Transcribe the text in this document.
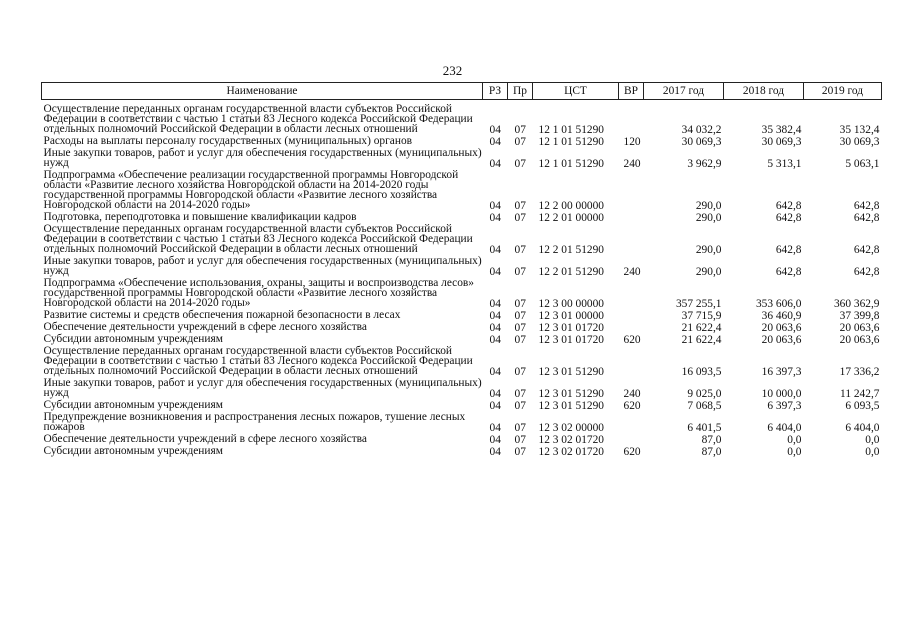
232
Наименование	РЗ	Пр	ЦСТ	ВР	2017 год	2018 год	2019 год
Осуществление переданных органам государственной власти субъектов Российской Федерации в соответствии с частью 1 статьи 83 Лесного кодекса Российской Федерации отдельных полномочий Российской Федерации в области лесных отношений	04	07	12 1 01 51290		34 032,2	35 382,4	35 132,4
Расходы на выплаты персоналу государственных (муниципальных) органов	04	07	12 1 01 51290	120	30 069,3	30 069,3	30 069,3
Иные закупки товаров, работ и услуг для обеспечения государственных (муниципальных) нужд	04	07	12 1 01 51290	240	3 962,9	5 313,1	5 063,1
Подпрограмма «Обеспечение реализации государственной программы Новгородской области «Развитие лесного хозяйства Новгородской области на 2014-2020 годы государственной программы Новгородской области «Развитие лесного хозяйства Новгородской области на 2014-2020 годы»	04	07	12 2 00 00000		290,0	642,8	642,8
Подготовка, переподготовка и повышение квалификации кадров	04	07	12 2 01 00000		290,0	642,8	642,8
Осуществление переданных органам государственной власти субъектов Российской Федерации в соответствии с частью 1 статьи 83 Лесного кодекса Российской Федерации отдельных полномочий Российской Федерации в области лесных отношений	04	07	12 2 01 51290		290,0	642,8	642,8
Иные закупки товаров, работ и услуг для обеспечения государственных (муниципальных) нужд	04	07	12 2 01 51290	240	290,0	642,8	642,8
Подпрограмма «Обеспечение использования, охраны, защиты и воспроизводства лесов» государственной программы Новгородской области «Развитие лесного хозяйства Новгородской области на 2014-2020 годы»	04	07	12 3 00 00000		357 255,1	353 606,0	360 362,9
Развитие системы и средств обеспечения пожарной безопасности в лесах	04	07	12 3 01 00000		37 715,9	36 460,9	37 399,8
Обеспечение деятельности учреждений в сфере лесного хозяйства	04	07	12 3 01 01720		21 622,4	20 063,6	20 063,6
Субсидии автономным учреждениям	04	07	12 3 01 01720	620	21 622,4	20 063,6	20 063,6
Осуществление переданных органам государственной власти субъектов Российской Федерации в соответствии с частью 1 статьи 83 Лесного кодекса Российской Федерации отдельных полномочий Российской Федерации в области лесных отношений	04	07	12 3 01 51290		16 093,5	16 397,3	17 336,2
Иные закупки товаров, работ и услуг для обеспечения государственных (муниципальных) нужд	04	07	12 3 01 51290	240	9 025,0	10 000,0	11 242,7
Субсидии автономным учреждениям	04	07	12 3 01 51290	620	7 068,5	6 397,3	6 093,5
Предупреждение возникновения и распространения лесных пожаров, тушение лесных пожаров	04	07	12 3 02 00000		6 401,5	6 404,0	6 404,0
Обеспечение деятельности учреждений в сфере лесного хозяйства	04	07	12 3 02 01720		87,0	0,0	0,0
Субсидии автономным учреждениям	04	07	12 3 02 01720	620	87,0	0,0	0,0
